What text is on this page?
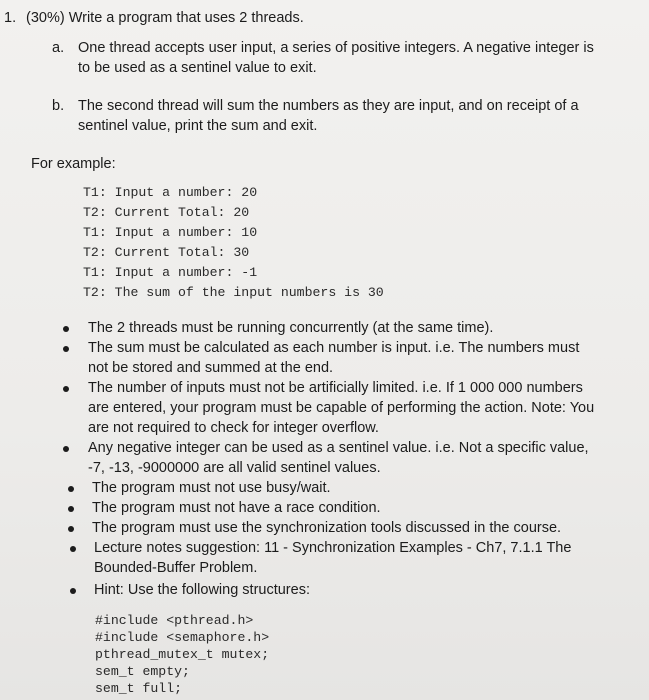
1. (30%) Write a program that uses 2 threads.
a. One thread accepts user input, a series of positive integers. A negative integer is to be used as a sentinel value to exit.
b. The second thread will sum the numbers as they are input, and on receipt of a sentinel value, print the sum and exit.
For example:
T1: Input a number: 20
T2: Current Total: 20
T1: Input a number: 10
T2: Current Total: 30
T1: Input a number: -1
T2: The sum of the input numbers is 30
The 2 threads must be running concurrently (at the same time).
The sum must be calculated as each number is input. i.e. The numbers must not be stored and summed at the end.
The number of inputs must not be artificially limited. i.e. If 1 000 000 numbers are entered, your program must be capable of performing the action. Note: You are not required to check for integer overflow.
Any negative integer can be used as a sentinel value. i.e. Not a specific value, -7, -13, -9000000 are all valid sentinel values.
The program must not use busy/wait.
The program must not have a race condition.
The program must use the synchronization tools discussed in the course.
Lecture notes suggestion: 11 - Synchronization Examples - Ch7, 7.1.1 The Bounded-Buffer Problem.
Hint: Use the following structures:
#include <pthread.h>
#include <semaphore.h>
pthread_mutex_t mutex;
sem_t empty;
sem_t full;
